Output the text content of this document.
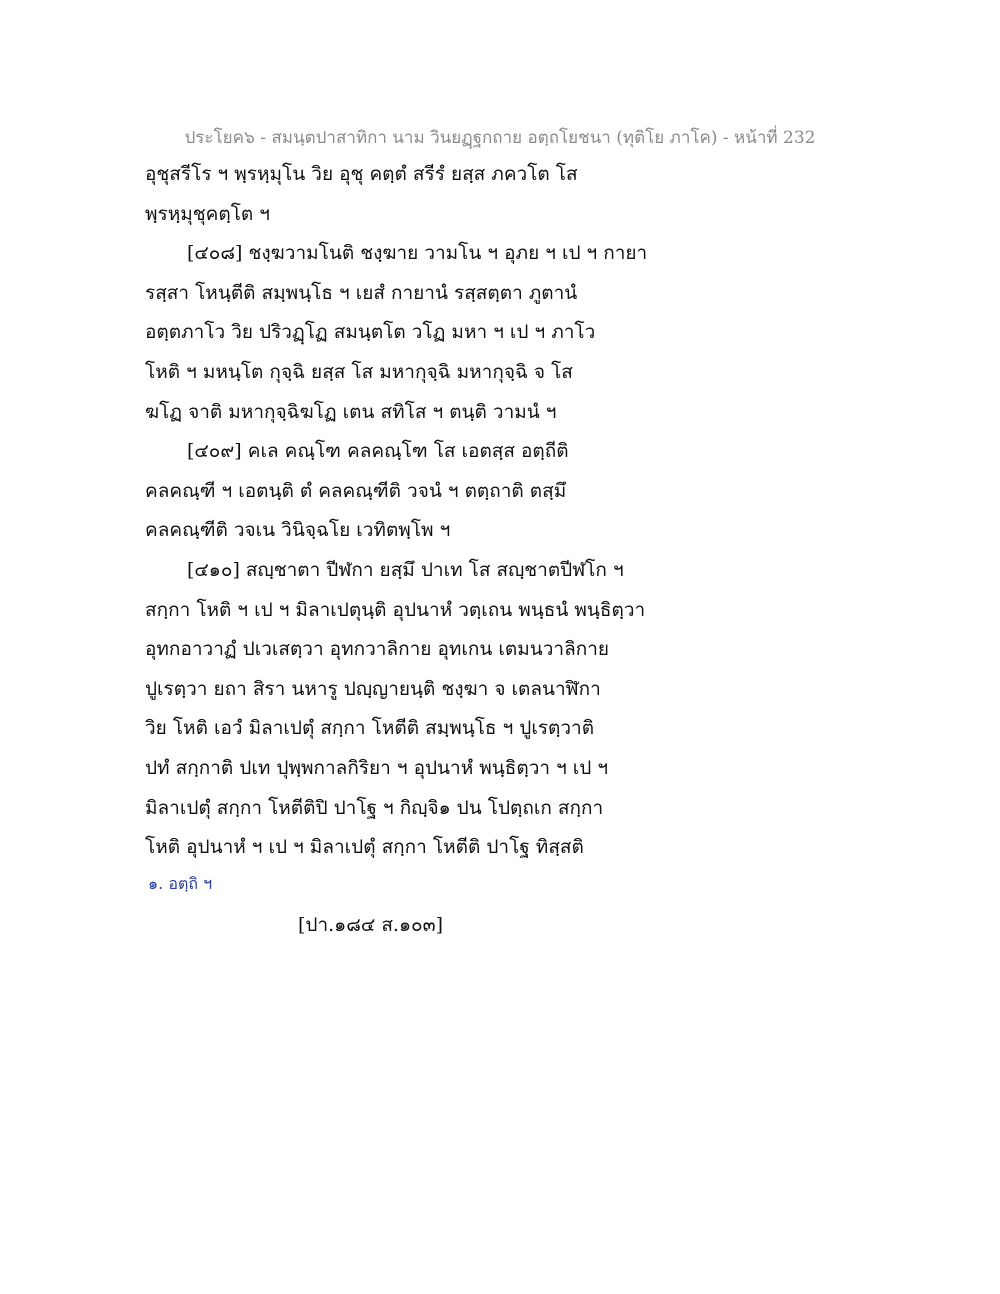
ประโยค๖ - สมนฺตปาสาทิกา นาม วินยฏฺฐกถาย อตฺถโยชนา (ทุติโย ภาโค) - หน้าที่ 232
อุชุสรีโร ฯ พฺรหฺมุโน วิย อุชุ คตฺตํ สรีรํ ยสฺส ภควโต โส
พฺรหฺมุชุคตฺโต ฯ
[๔๐๘] ชงฺฆวามโนติ ชงฺฆาย วามโน ฯ อุภย ฯ เป ฯ กายา
รสฺสา โหนฺตีติ สมฺพนฺโธ ฯ เยสํ กายานํ รสฺสตฺตา ภูตานํ
อตฺตภาโว วิย ปริวฏฺโฏ สมนฺตโต วโฏ มหา ฯ เป ฯ ภาโว
โหติ ฯ มหนฺโต กุจฺฉิ ยสฺส โส มหากุจฺฉิ มหากุจฺฉิ จ โส
ฆโฏ จาติ มหากุจฺฉิฆโฏ เตน สทิโส ฯ ตนฺติ วามนํ ฯ
[๔๐๙] คเล คณฺโฑ คลคณฺโฑ โส เอตสฺส อตฺถีติ
คลคณฺฑี ฯ เอตนฺติ ตํ คลคณฺฑีติ วจนํ ฯ ตตฺถาติ ตสฺมึ
คลคณฺฑีติ วจเน วินิจฺฉโย เวทิตพฺโพ ฯ
[๔๑๐] สญฺชาตา ปีฬกา ยสฺมึ ปาเท โส สญฺชาตปีฬโก ฯ
สกฺกา โหติ ฯ เป ฯ มิลาเปตุนฺติ อุปนาหํ วตฺเถน พนฺธนํ พนฺธิตฺวา
อุทกอาวาฏํ ปเวเสตฺวา อุทกวาลิกาย อุทเกน เตมนวาลิกาย
ปูเรตฺวา ยถา สิรา นหารู ปญฺญายนฺติ ชงฺฆา จ เตลนาฬิกา
วิย โหติ เอวํ มิลาเปตุํ สกฺกา โหตีติ สมฺพนฺโธ ฯ ปูเรตฺวาติ
ปทํ สกฺกาติ ปเท ปุพฺพกาลกิริยา ฯ อุปนาหํ พนฺธิตฺวา ฯ เป ฯ
มิลาเปตุํ สกฺกา โหตีติปิ ปาโฐ ฯ กิญฺจิ๑ ปน โปตฺถเก สกฺกา
โหติ อุปนาหํ ฯ เป ฯ มิลาเปตุํ สกฺกา โหตีติ ปาโฐ ทิสฺสติ
๑. อตฺถิ ฯ
[ปา.๑๘๔ ส.๑๐๓]
